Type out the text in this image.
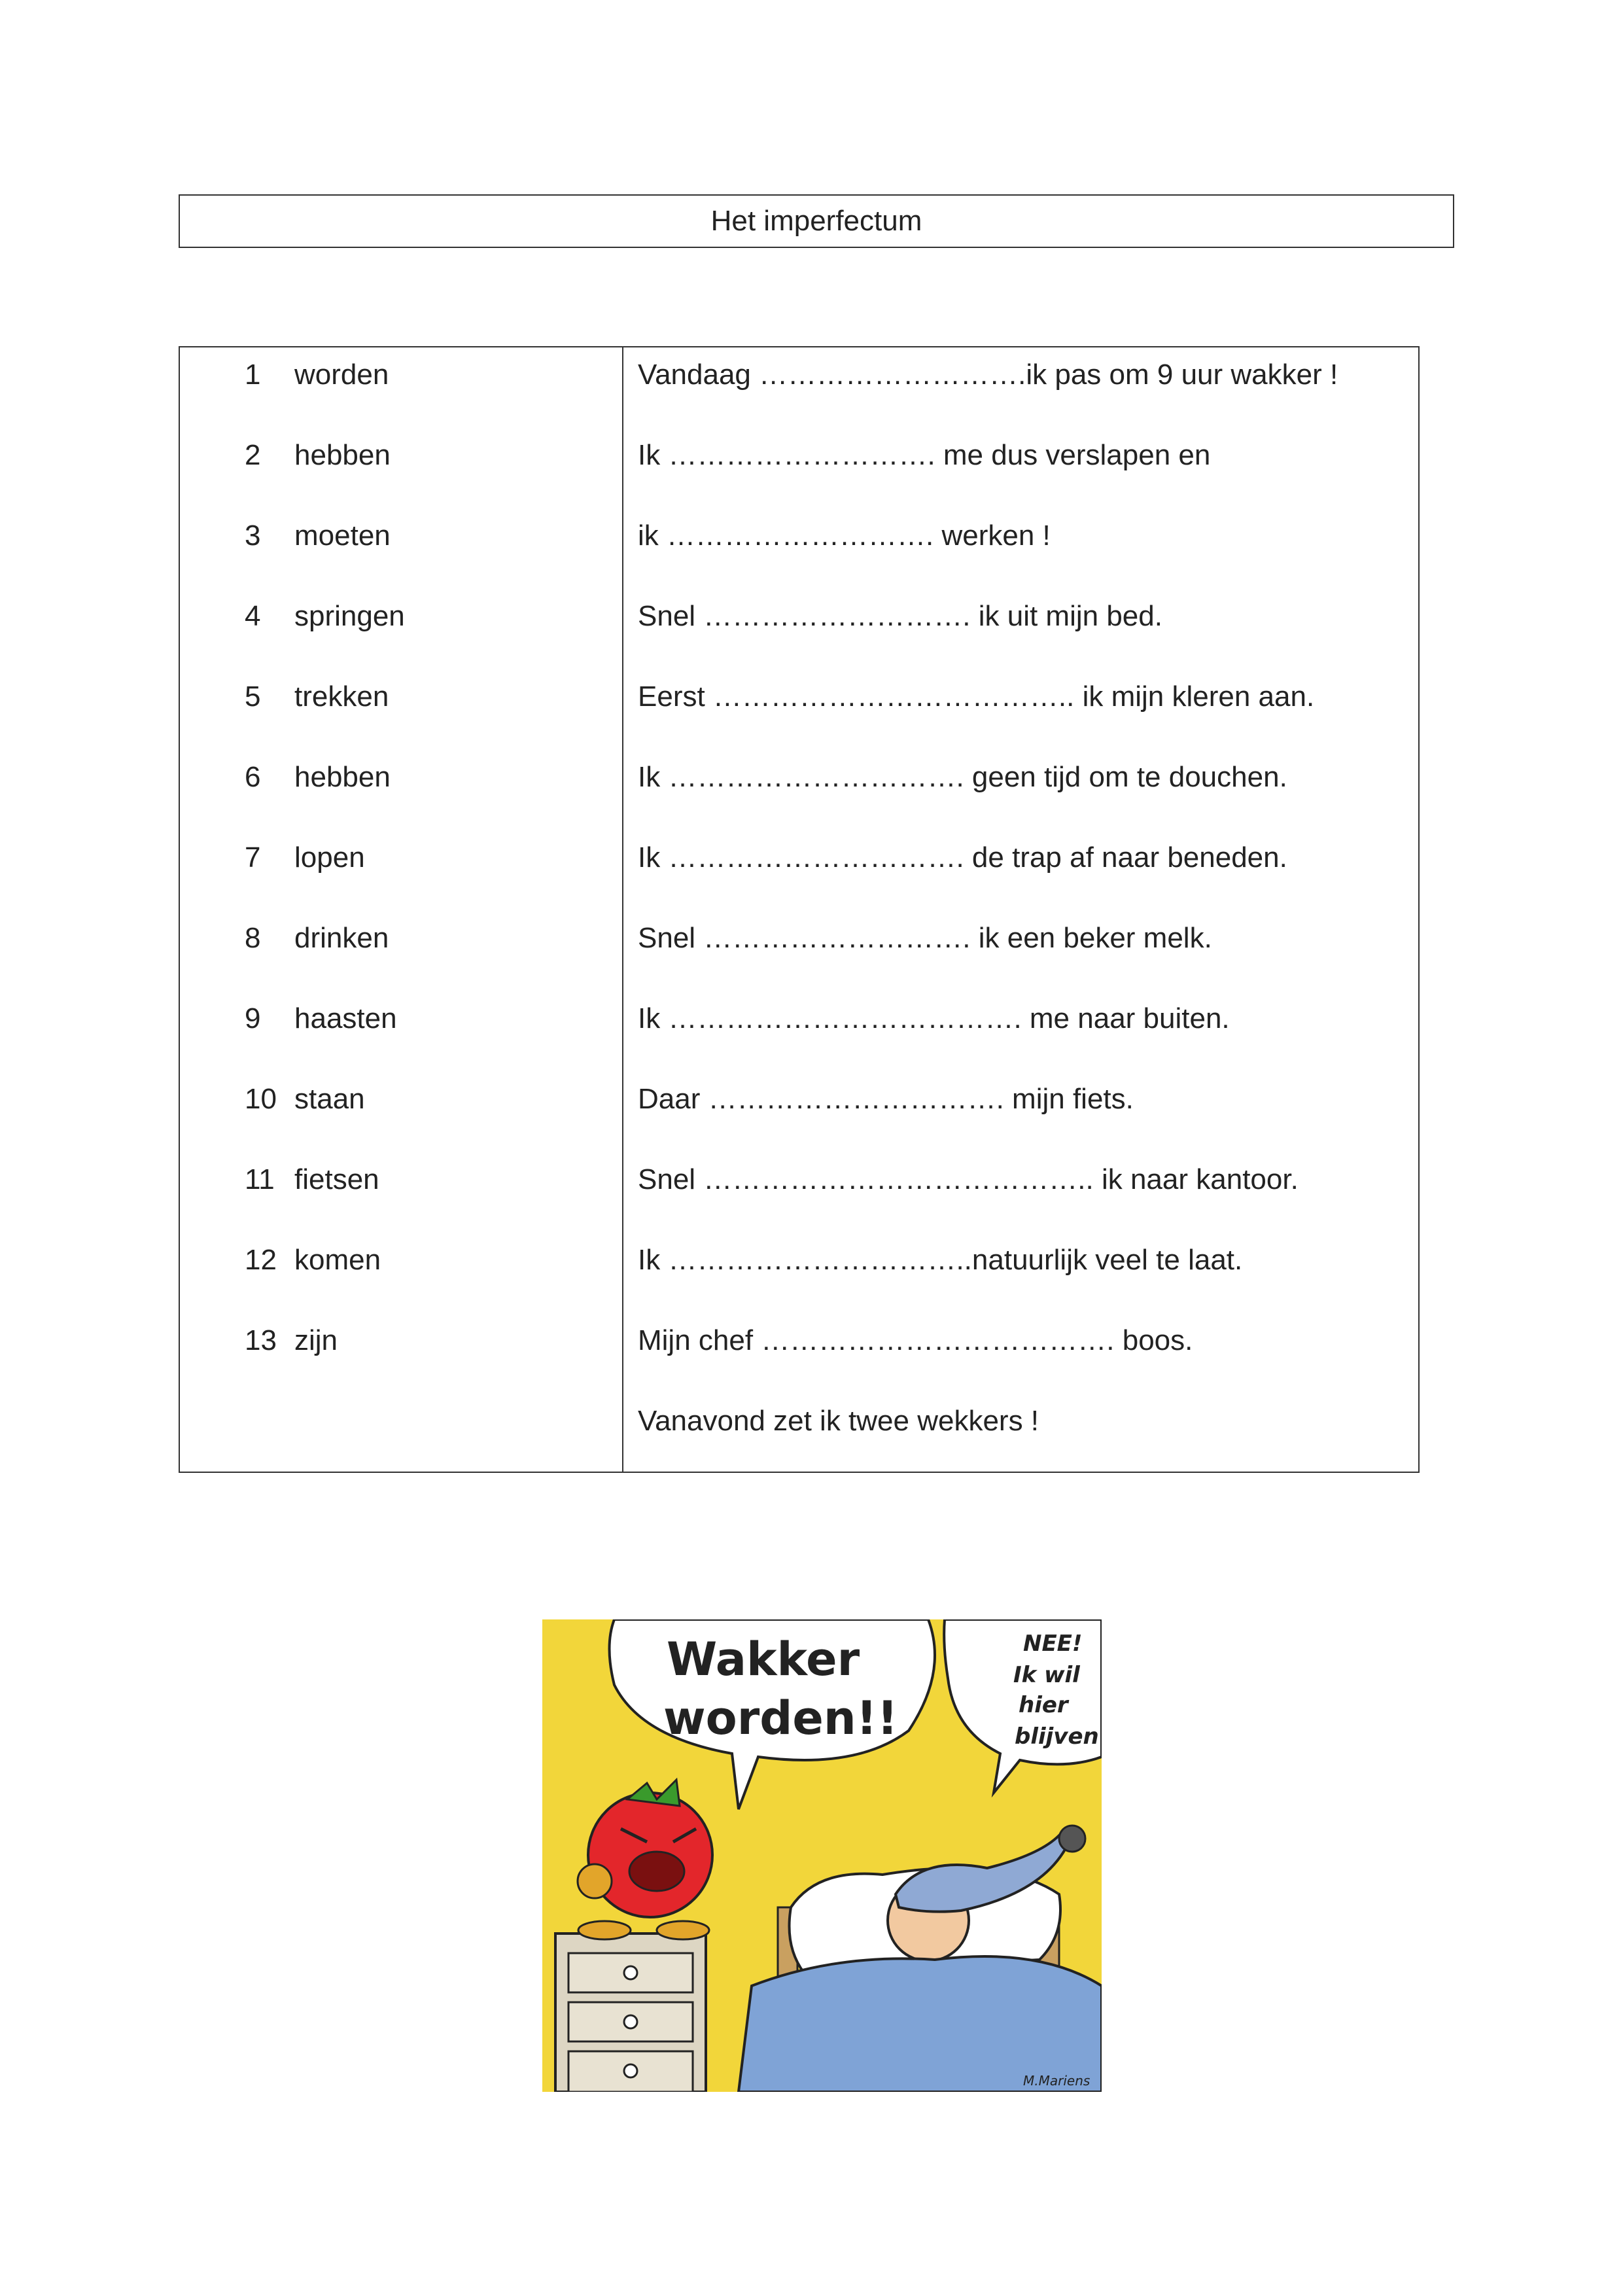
Het imperfectum
1 worden	Vandaag ……………………….ik pas om 9 uur wakker !
2 hebben	Ik ………………………. me dus verslapen en
3 moeten	ik ………………………. werken !
4 springen	Snel ………………………. ik uit mijn bed.
5 trekken	Eerst ……………………………….. ik mijn kleren aan.
6 hebben	Ik …………………………. geen tijd om te douchen.
7 lopen	Ik …………………………. de trap af naar beneden.
8 drinken	Snel ………………………. ik een beker melk.
9 haasten	Ik ………………………………. me naar buiten.
10 staan	Daar …………………………. mijn fiets.
11 fietsen	Snel ………………………………….. ik naar kantoor.
12 komen	Ik …………………………..natuurlijk veel te laat.
13 zijn	Mijn chef ………………………………. boos.
Vanavond zet ik twee wekkers !
Wakker
worden!!
NEE!
Ik wil
hier
blijven
M.Mariens
